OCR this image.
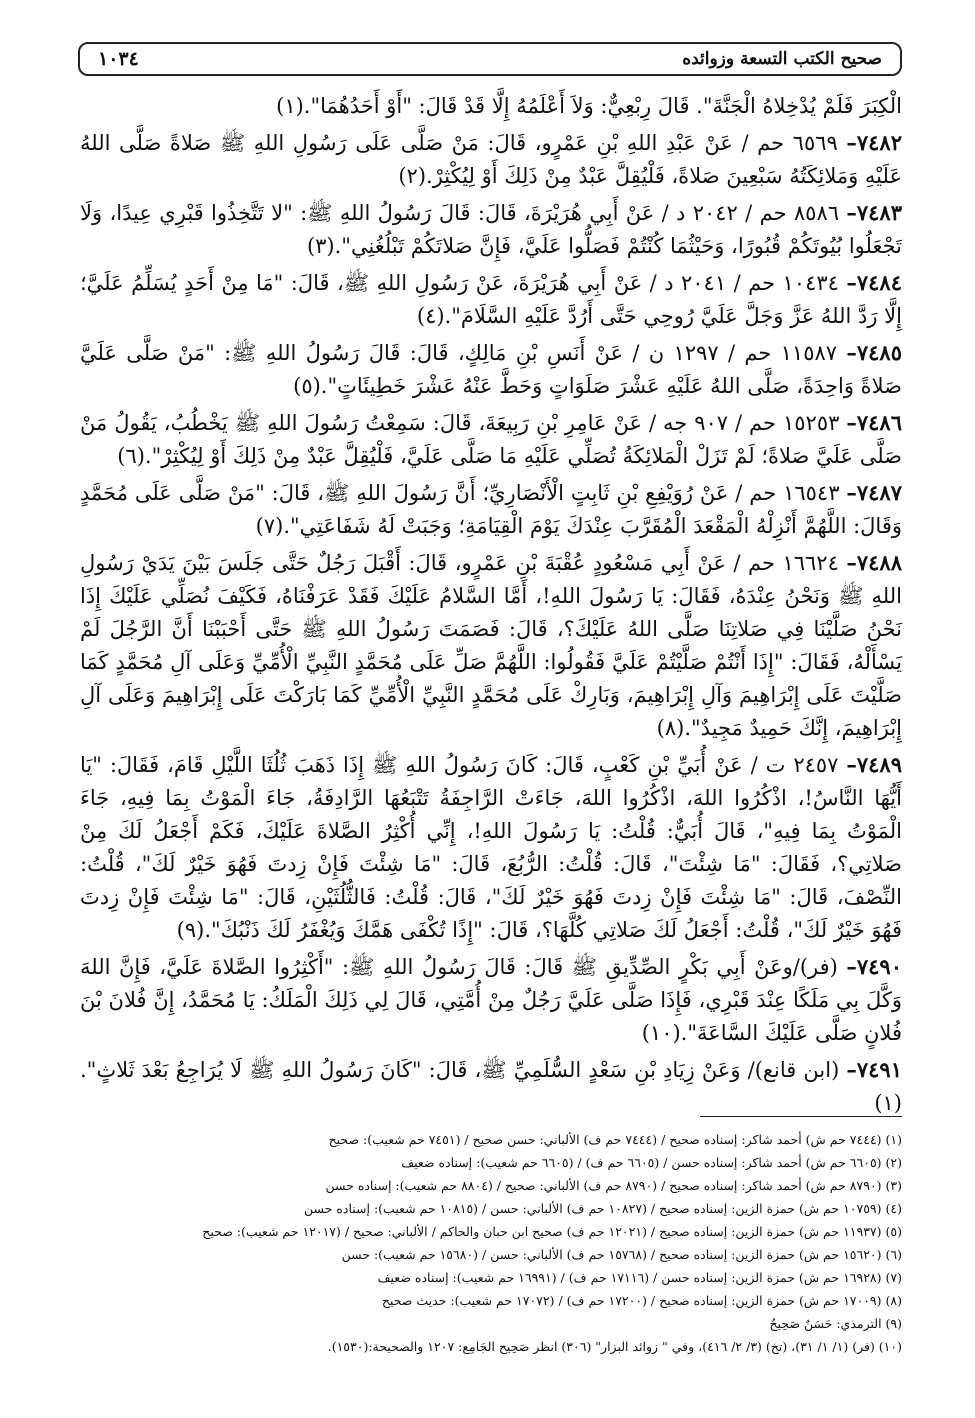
صحيح الكتب التسعة وزوائده
١٠٣٤

الْكِبَرَ فَلَمْ يُدْخِلاهُ الْجَنَّةَ". قَالَ رِبْعِيٌّ: وَلاَ أَعْلَمُهُ إِلَّا قَدْ قَالَ: "أَوْ أَحَدُهُمَا".(١)

٧٤٨٢– ٦٥٦٩ حم / عَنْ عَبْدِ اللهِ بْنِ عَمْرٍو، قَالَ: مَنْ صَلَّى عَلَى رَسُولِ اللهِ ﷺ صَلاةً صَلَّى اللهُ عَلَيْهِ وَمَلائِكَتُهُ سَبْعِينَ صَلاةً، فَلْيُقِلَّ عَبْدٌ مِنْ ذَلِكَ أَوْ لِيُكْثِرْ.(٢)

٧٤٨٣– ٨٥٨٦ حم / ٢٠٤٢ د / عَنْ أَبِي هُرَيْرَةَ، قَالَ: قَالَ رَسُولُ اللهِ ﷺ: "لا تَتَّخِذُوا قَبْرِي عِيدًا، وَلَا تَجْعَلُوا بُيُوتَكُمْ قُبُورًا، وَحَيْثُمَا كُنْتُمْ فَصَلُّوا عَلَيَّ، فَإِنَّ صَلاتَكُمْ تَبْلُغُنِي".(٣)

٧٤٨٤– ١٠٤٣٤ حم / ٢٠٤١ د / عَنْ أَبِي هُرَيْرَةَ، عَنْ رَسُولِ اللهِ ﷺ، قَالَ: "مَا مِنْ أَحَدٍ يُسَلِّمُ عَلَيَّ؛ إِلَّا رَدَّ اللهُ عَزَّ وَجَلَّ عَلَيَّ رُوحِي حَتَّى أَرُدَّ عَلَيْهِ السَّلَامَ".(٤)

٧٤٨٥– ١١٥٨٧ حم / ١٢٩٧ ن / عَنْ أَنَسِ بْنِ مَالِكٍ، قَالَ: قَالَ رَسُولُ اللهِ ﷺ: "مَنْ صَلَّى عَلَيَّ صَلاةً وَاحِدَةً، صَلَّى اللهُ عَلَيْهِ عَشْرَ صَلَوَاتٍ وَحَطَّ عَنْهُ عَشْرَ خَطِيئَاتٍ".(٥)

٧٤٨٦– ١٥٢٥٣ حم / ٩٠٧ جه / عَنْ عَامِرِ بْنِ رَبِيعَةَ، قَالَ: سَمِعْتُ رَسُولَ اللهِ ﷺ يَخْطُبُ، يَقُولُ مَنْ صَلَّى عَلَيَّ صَلاةً؛ لَمْ تَزَلْ الْمَلائِكَةُ تُصَلِّي عَلَيْهِ مَا صَلَّى عَلَيَّ، فَلْيُقِلَّ عَبْدٌ مِنْ ذَلِكَ أَوْ لِيُكْثِرْ".(٦)

٧٤٨٧– ١٦٥٤٣ حم / عَنْ رُوَيْفِعِ بْنِ ثَابِتٍ الْأَنْصَارِيِّ؛ أَنَّ رَسُولَ اللهِ ﷺ، قَالَ: "مَنْ صَلَّى عَلَى مُحَمَّدٍ وَقَالَ: اللَّهُمَّ أَنْزِلْهُ الْمَقْعَدَ الْمُقَرَّبَ عِنْدَكَ يَوْمَ الْقِيَامَةِ؛ وَجَبَتْ لَهُ شَفَاعَتِي".(٧)

٧٤٨٨– ١٦٦٢٤ حم / عَنْ أَبِي مَسْعُودٍ عُقْبَةَ بْنِ عَمْرٍو، قَالَ: أَقْبَلَ رَجُلٌ حَتَّى جَلَسَ بَيْنَ يَدَيْ رَسُولِ اللهِ ﷺ وَنَحْنُ عِنْدَهُ، فَقَالَ: يَا رَسُولَ اللهِ!، أَمَّا السَّلامُ عَلَيْكَ فَقَدْ عَرَفْنَاهُ، فَكَيْفَ نُصَلِّي عَلَيْكَ إِذَا نَحْنُ صَلَّيْنَا فِي صَلاتِنَا صَلَّى اللهُ عَلَيْكَ؟، قَالَ: فَصَمَتَ رَسُولُ اللهِ ﷺ حَتَّى أَحْبَبْنَا أَنَّ الرَّجُلَ لَمْ يَسْأَلْهُ، فَقَالَ: "إِذَا أَنْتُمْ صَلَّيْتُمْ عَلَيَّ فَقُولُوا: اللَّهُمَّ صَلِّ عَلَى مُحَمَّدٍ النَّبِيِّ الْأُمِّيِّ وَعَلَى آلِ مُحَمَّدٍ كَمَا صَلَّيْتَ عَلَى إِبْرَاهِيمَ وَآلِ إِبْرَاهِيمَ، وَبَارِكْ عَلَى مُحَمَّدٍ النَّبِيِّ الْأُمِّيِّ كَمَا بَارَكْتَ عَلَى إِبْرَاهِيمَ وَعَلَى آلِ إِبْرَاهِيمَ، إِنَّكَ حَمِيدٌ مَجِيدٌ".(٨)

٧٤٨٩– ٢٤٥٧ ت / عَنْ أُبَيِّ بْنِ كَعْبٍ، قَالَ: كَانَ رَسُولُ اللهِ ﷺ إِذَا ذَهَبَ ثُلُثَا اللَّيْلِ قَامَ، فَقَالَ: "يَا أَيُّهَا النَّاسُ!، اذْكُرُوا اللهَ، اذْكُرُوا اللهَ، جَاءَتْ الرَّاجِفَةُ تَتْبَعُهَا الرَّادِفَةُ، جَاءَ الْمَوْتُ بِمَا فِيهِ، جَاءَ الْمَوْتُ بِمَا فِيهِ"، قَالَ أُبَيٌّ: قُلْتُ: يَا رَسُولَ اللهِ!، إِنِّي أُكْثِرُ الصَّلاةَ عَلَيْكَ، فَكَمْ أَجْعَلُ لَكَ مِنْ صَلاتِي؟، فَقَالَ: "مَا شِئْتَ"، قَالَ: قُلْتُ: الرُّبُعَ، قَالَ: "مَا شِئْتَ فَإِنْ زِدتَ فَهُوَ خَيْرٌ لَكَ"، قُلْتُ: النِّصْفَ، قَالَ: "مَا شِئْتَ فَإِنْ زِدتَ فَهُوَ خَيْرٌ لَكَ"، قَالَ: قُلْتُ: فَالثُّلُثَيْنِ، قَالَ: "مَا شِئْتَ فَإِنْ زِدتَ فَهُوَ خَيْرٌ لَكَ"، قُلْتُ: أَجْعَلُ لَكَ صَلاتِي كُلَّهَا؟، قَالَ: "إِذًا تُكْفَى هَمَّكَ وَيُغْفَرُ لَكَ ذَنْبُكَ".(٩)

٧٤٩٠– (فر)/وعَنْ أَبِي بَكْرٍ الصِّدِّيقِ ﷺ قَالَ: قَالَ رَسُولُ اللهِ ﷺ: "أَكْثِرُوا الصَّلاةَ عَلَيَّ، فَإِنَّ اللهَ وَكَّلَ بِي مَلَكًا عِنْدَ قَبْرِي، فَإِذَا صَلَّى عَلَيَّ رَجُلٌ مِنْ أُمَّتِي، قَالَ لِي ذَلِكَ الْمَلَكُ: يَا مُحَمَّدُ، إِنَّ فُلانَ بْنَ فُلانٍ صَلَّى عَلَيْكَ السَّاعَةَ".(١٠)

٧٤٩١– (ابن قانع)/ وَعَنْ زِيَادِ بْنِ سَعْدٍ السُّلَمِيِّ ﷺ، قَالَ: "كَانَ رَسُولُ اللهِ ﷺ لَا يُرَاجِعُ بَعْدَ ثَلاثٍ".(١)

(١) (٧٤٤٤ حم ش) أحمد شاكر: إسناده صحيح / (٧٤٤٤ حم ف) الألباني: حسن صحيح / (٧٤٥١ حم شعيب): صحيح
(٢) (٦٦٠٥ حم ش) أحمد شاكر: إسناده حسن / (٦٦٠٥ حم ف) / (٦٦٠٥ حم شعيب): إسناده ضعيف
(٣) (٨٧٩٠ حم ش) أحمد شاكر: إسناده صحيح / (٨٧٩٠ حم ف) الألباني: صحيح / (٨٨٠٤ حم شعيب): إسناده حسن
(٤) (١٠٧٥٩ حم ش) حمزة الزين: إسناده صحيح / (١٠٨٢٧ حم ف) الألباني: حسن / (١٠٨١٥ حم شعيب): إسناده حسن
(٥) (١١٩٣٧ حم ش) حمزة الزين: إسناده صحيح / (١٢٠٢١ حم ف) صحيح ابن حبان والحاكم / الألباني: صحيح / (١٢٠١٧ حم شعيب): صحيح
(٦) (١٥٦٢٠ حم ش) حمزة الزين: إسناده صحيح / (١٥٧٦٨ حم ف) الألباني: حسن / (١٥٦٨٠ حم شعيب): حسن
(٧) (١٦٩٢٨ حم ش) حمزة الزين: إسناده حسن / (١٧١١٦ حم ف) / (١٦٩٩١ حم شعيب): إسناده ضعيف
(٨) (١٧٠٠٩ حم ش) حمزة الزين: إسناده صحيح / (١٧٢٠٠ حم ف) / (١٧٠٧٢ حم شعيب): حديث صحيح
(٩) الترمذي: حَسَنٌ صَحِيحٌ
(١٠) (فر) (١/ ١/ ٣١)، (تخ) (٣/ ٢/ ٤١٦)، وفي " زوائد البزار" (٣٠٦) انظر صَحِيح الجَامِع: ١٢٠٧ والصحيحة:(١٥٣٠).
